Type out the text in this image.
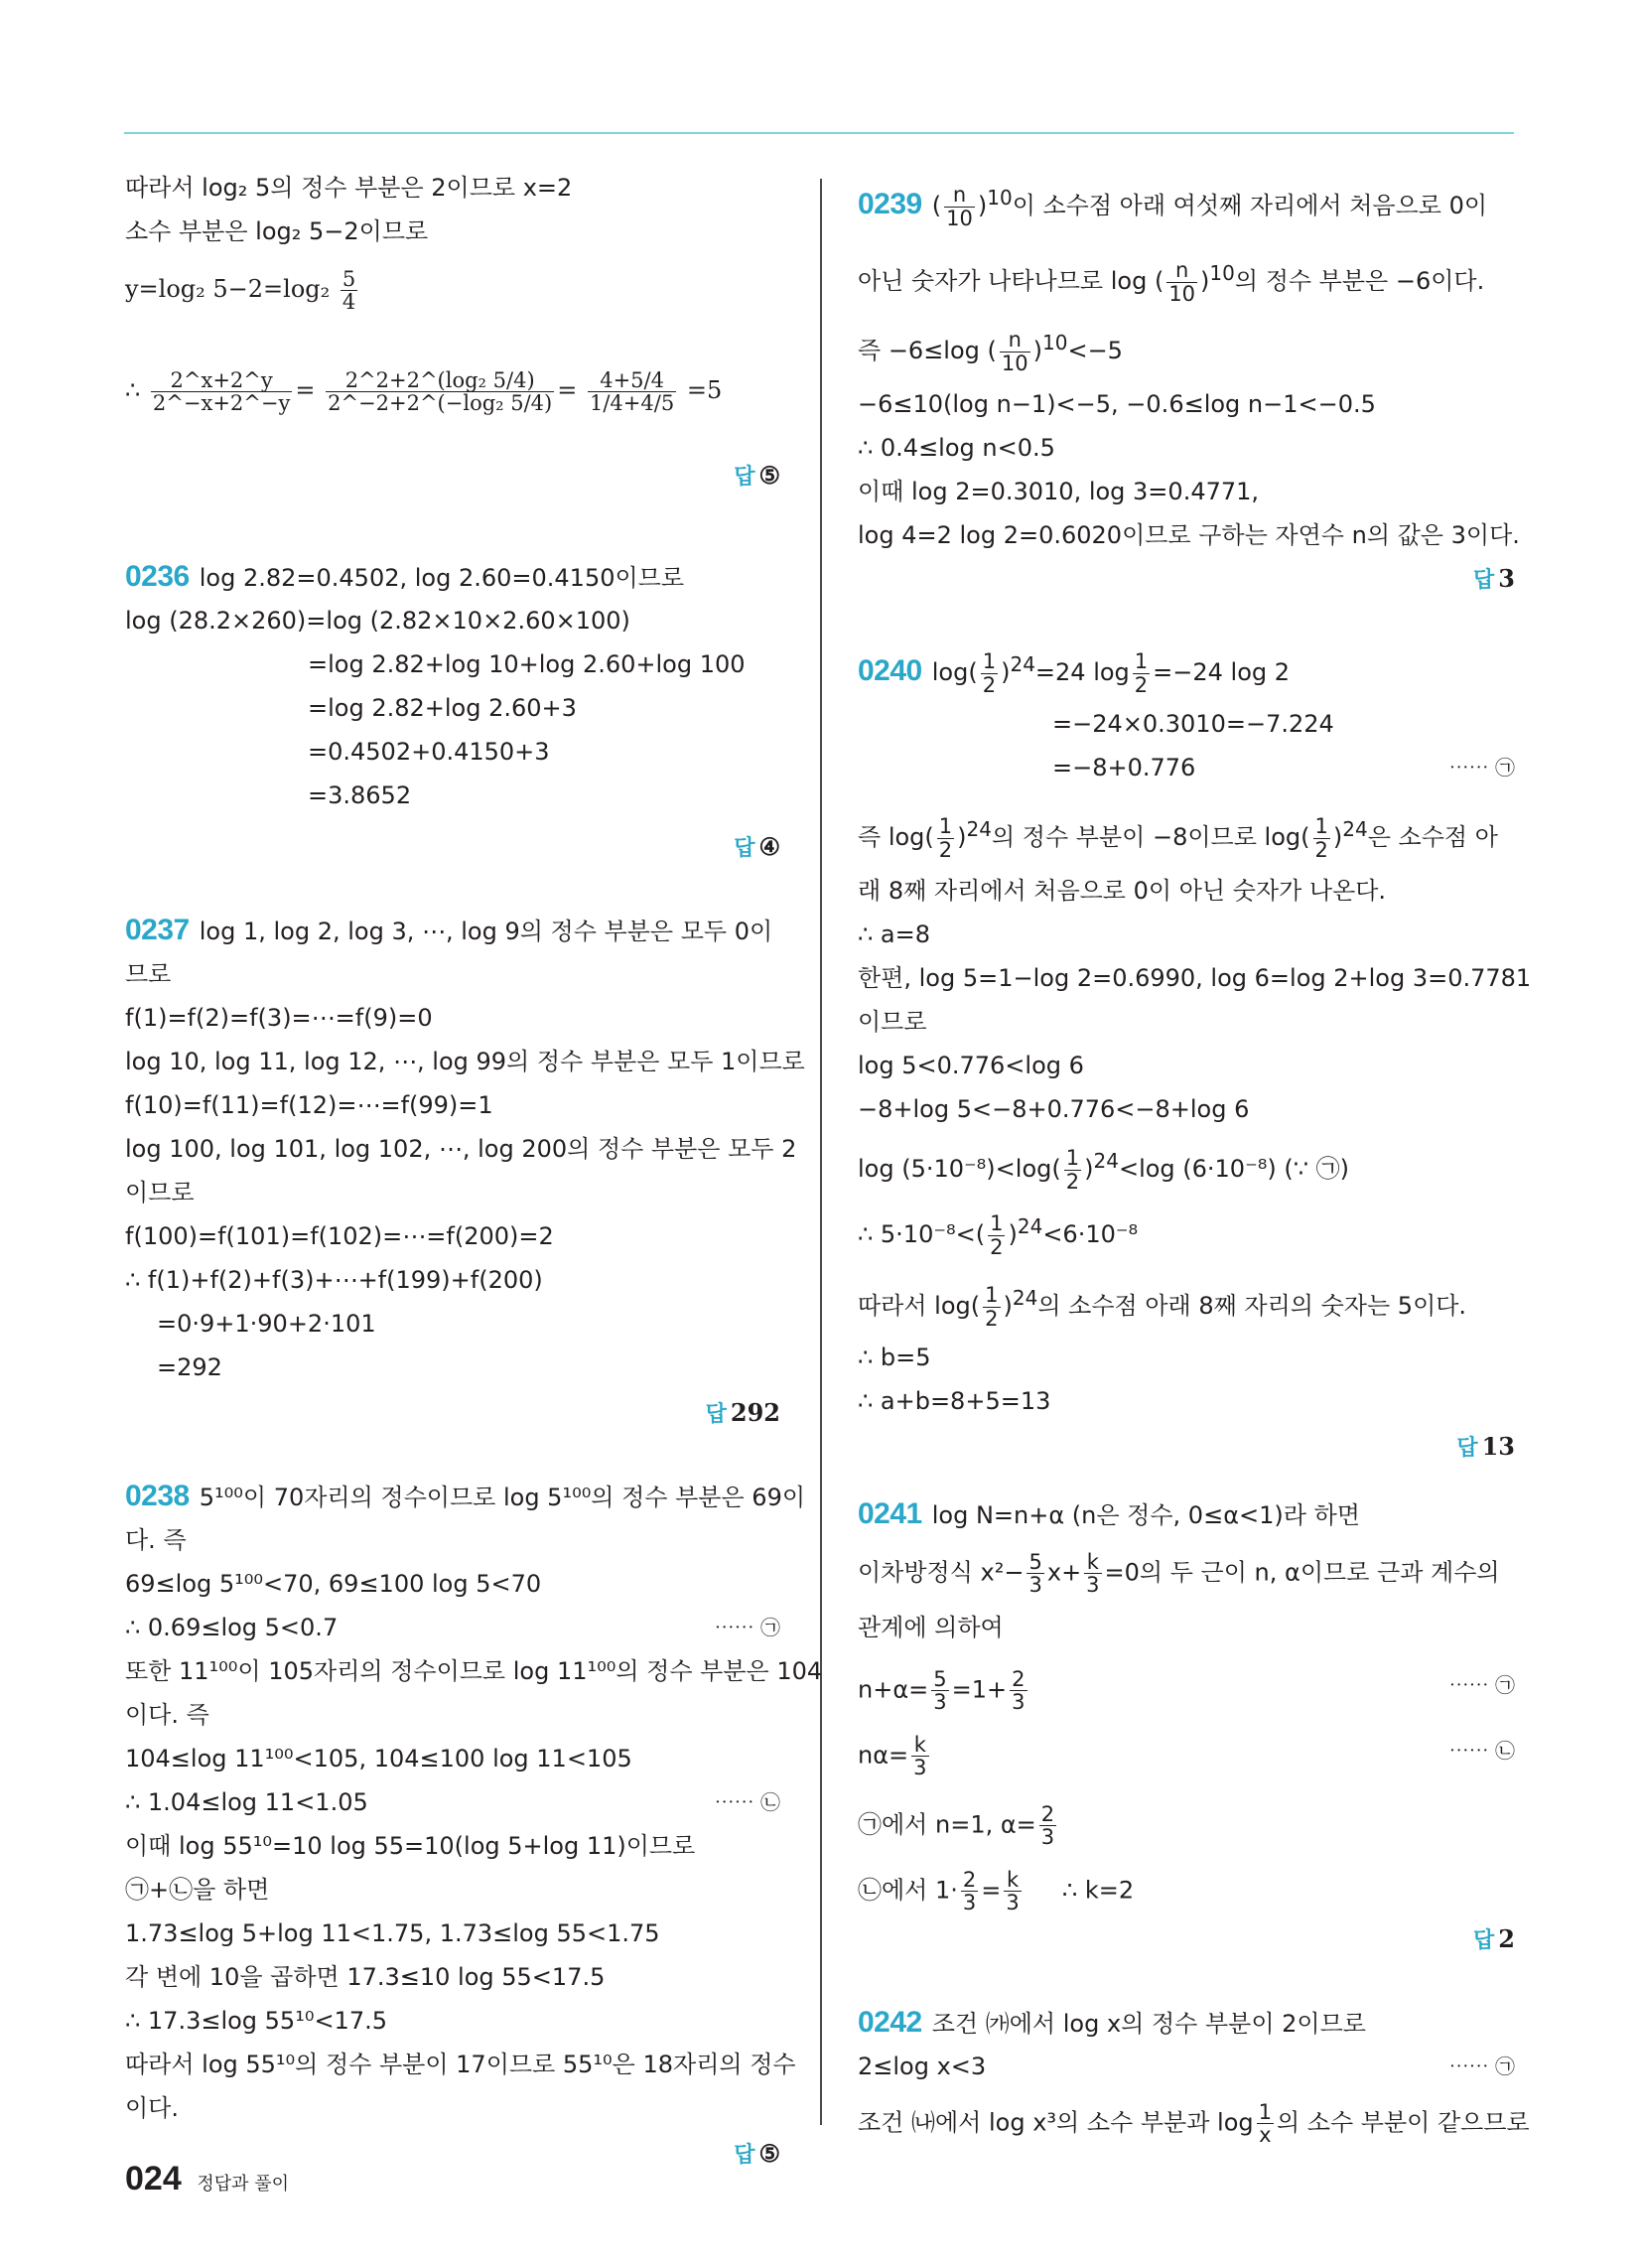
따라서 log₂ 5의 정수 부분은 2이므로 x=2
소수 부분은 log₂ 5−2이므로
y=log₂ $5-2=\log_2 \frac{5}{4}$
∴ $\frac{2\^{}x+2\^{}y}{2\^{}-x+2\^{}-y} = \frac{\text{2\textasciicircum{}2+2\textasciicircum{}(log₂ 5/4)}}{\text{2\textasciicircum{}−2+2\textasciicircum{}(−log₂ 5/4)}} = \frac{4+5/4}{1/4+4/5} =5$
답 ⑤
0236 log 2.82=0.4502, log 2.60=0.4150이므로
log (28.2×260)=log (2.82×10×2.60×100)
=log 2.82+log 10+log 2.60+log 100
=log 2.82+log 2.60+3
=0.4502+0.4150+3
=3.8652
답 ④
0237 log 1, log 2, log 3, ⋯, log 9의 정수 부분은 모두 0이
므로
f(1)=f(2)=f(3)=⋯=f(9)=0
log 10, log 11, log 12, ⋯, log 99의 정수 부분은 모두 1이므로
f(10)=f(11)=f(12)=⋯=f(99)=1
log 100, log 101, log 102, ⋯, log 200의 정수 부분은 모두 2
이므로
f(100)=f(101)=f(102)=⋯=f(200)=2
∴ f(1)+f(2)+f(3)+⋯+f(199)+f(200)
=0·9+1·90+2·101
=292
답 292
0238 5¹⁰⁰이 70자리의 정수이므로 log 5¹⁰⁰의 정수 부분은 69이
다. 즉
69≤log 5¹⁰⁰<70, 69≤100 log 5<70
∴ 0.69≤log 5<0.7	⋯⋯ ㉠
또한 11¹⁰⁰이 105자리의 정수이므로 log 11¹⁰⁰의 정수 부분은 104
이다. 즉
104≤log 11¹⁰⁰<105, 104≤100 log 11<105
∴ 1.04≤log 11<1.05	⋯⋯ ㉡
이때 log 55¹⁰=10 log 55=10(log 5+log 11)이므로
㉠+㉡을 하면
1.73≤log 5+log 11<1.75, 1.73≤log 55<1.75
각 변에 10을 곱하면 17.3≤10 log 55<17.5
∴ 17.3≤log 55¹⁰<17.5
따라서 log 55¹⁰의 정수 부분이 17이므로 55¹⁰은 18자리의 정수
이다.
답 ⑤
0239 ( $\frac{n}{10} )^{10}$이 소수점 아래 여섯째 자리에서 처음으로 0이
아닌 숫자가 나타나므로 log ( $\frac{n}{10} )^{10}$의 정수 부분은 −6이다.
즉 −6≤log ( $\frac{n}{10} )^{10}<-5$
−6≤10(log n−1)<−5, −0.6≤log n−1<−0.5
∴ 0.4≤log n<0.5
이때 log 2=0.3010, log 3=0.4771,
log 4=2 log 2=0.6020이므로 구하는 자연수 n의 값은 3이다.
답 3
0240 $\log( \frac{1}{2} )^{24}=24$ $\log \frac{1}{2} =-24$ log 2
=−24×0.3010=−7.224
=−8+0.776	⋯⋯ ㉠
즉 $\log( \frac{1}{2} )^{24}$의 정수 부분이 −8이므로 $\log( \frac{1}{2} )^{24}$은 소수점 아
래 8째 자리에서 처음으로 0이 아닌 숫자가 나온다.
∴ a=8
한편, log 5=1−log 2=0.6990, log 6=log 2+log 3=0.7781
이므로
log 5<0.776<log 6
−8+log 5<−8+0.776<−8+log 6
$\log (5\cdot 10^{-8})<\log( \frac{1}{2} )^{24}<\log$ (6·10⁻⁸) (∵ ㉠)
∴ $5\cdot 10^{-8}<( \frac{1}{2} )^{24}<6\cdot 10^{-8}$
따라서 $\log( \frac{1}{2} )^{24}$의 소수점 아래 8째 자리의 숫자는 5이다.
∴ b=5
∴ a+b=8+5=13
답 13
0241 log N=n+α (n은 정수, 0≤α<1)라 하면
이차방정식 $x^2- \frac{5}{3} x+ \frac{k}{3} =0$의 두 근이 n, α이므로 근과 계수의
관계에 의하여
$n+\alpha= \frac{5}{3} =1+ \frac{2}{3}$	⋯⋯ ㉠
$n\alpha= \frac{k}{3}$	⋯⋯ ㉡
㉠에서 n=1, $\alpha= \frac{2}{3}$
㉡에서 $1\cdot \frac{2}{3} = \frac{k}{3}$ ∴ k=2
답 2
0242 조건 ㈎에서 log x의 정수 부분이 2이므로
2≤log x<3	⋯⋯ ㉠
조건 ㈏에서 log x³의 소수 부분과 $\log \frac{1}{x}$ 의 소수 부분이 같으므로
024 정답과 풀이
